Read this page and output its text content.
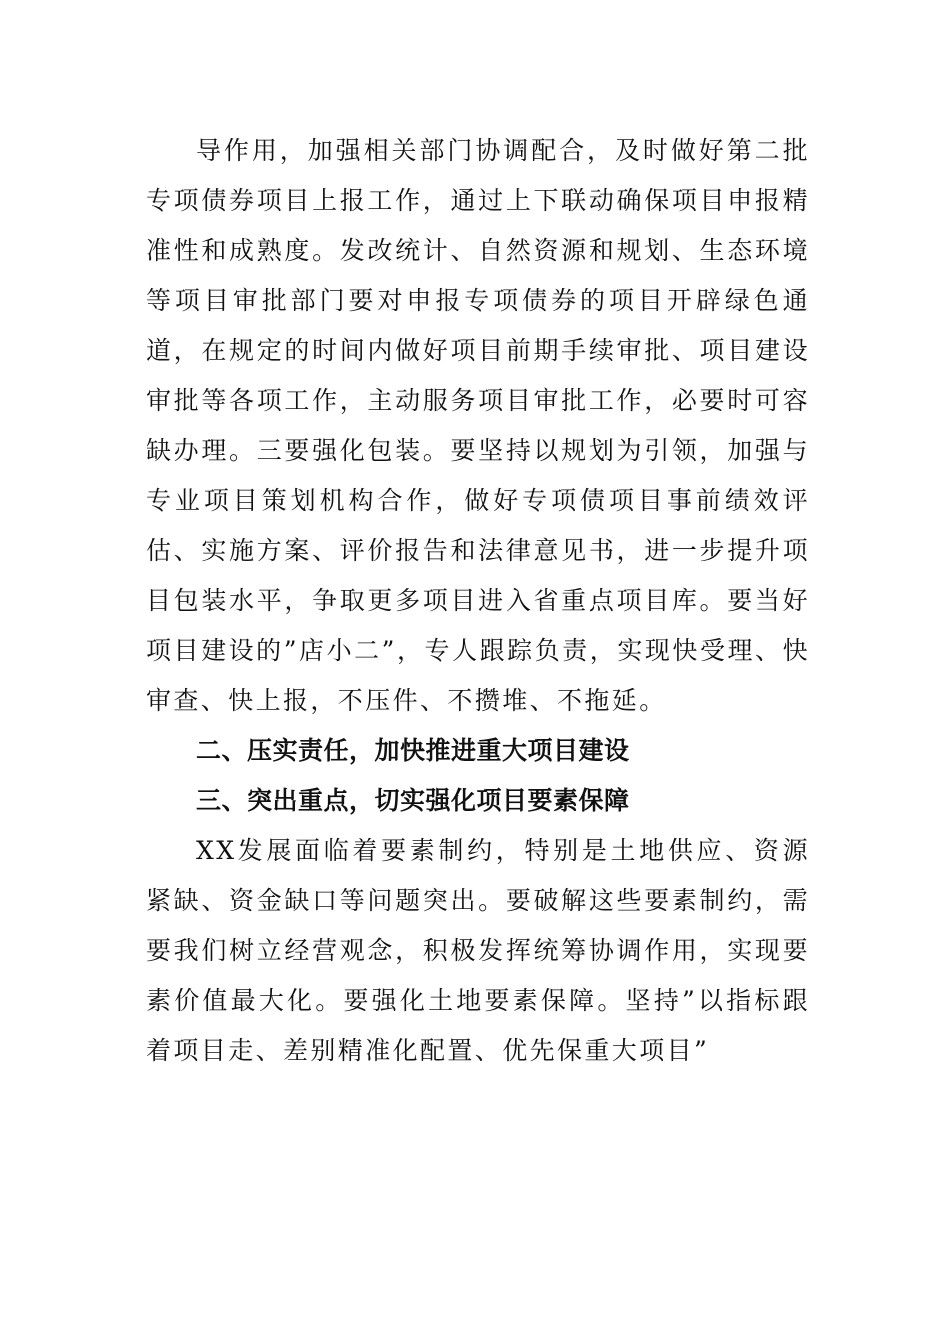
导作用，加强相关部门协调配合，及时做好第二批专项债券项目上报工作，通过上下联动确保项目申报精准性和成熟度。发改统计、自然资源和规划、生态环境等项目审批部门要对申报专项债券的项目开辟绿色通道，在规定的时间内做好项目前期手续审批、项目建设审批等各项工作，主动服务项目审批工作，必要时可容缺办理。三要强化包装。要坚持以规划为引领，加强与专业项目策划机构合作，做好专项债项目事前绩效评估、实施方案、评价报告和法律意见书，进一步提升项目包装水平，争取更多项目进入省重点项目库。要当好项目建设的”店小二”，专人跟踪负责，实现快受理、快审查、快上报，不压件、不攒堆、不拖延。

二、压实责任，加快推进重大项目建设

三、突出重点，切实强化项目要素保障

XX发展面临着要素制约，特别是土地供应、资源紧缺、资金缺口等问题突出。要破解这些要素制约，需要我们树立经营观念，积极发挥统筹协调作用，实现要素价值最大化。要强化土地要素保障。坚持”以指标跟着项目走、差别精准化配置、优先保重大项目”
